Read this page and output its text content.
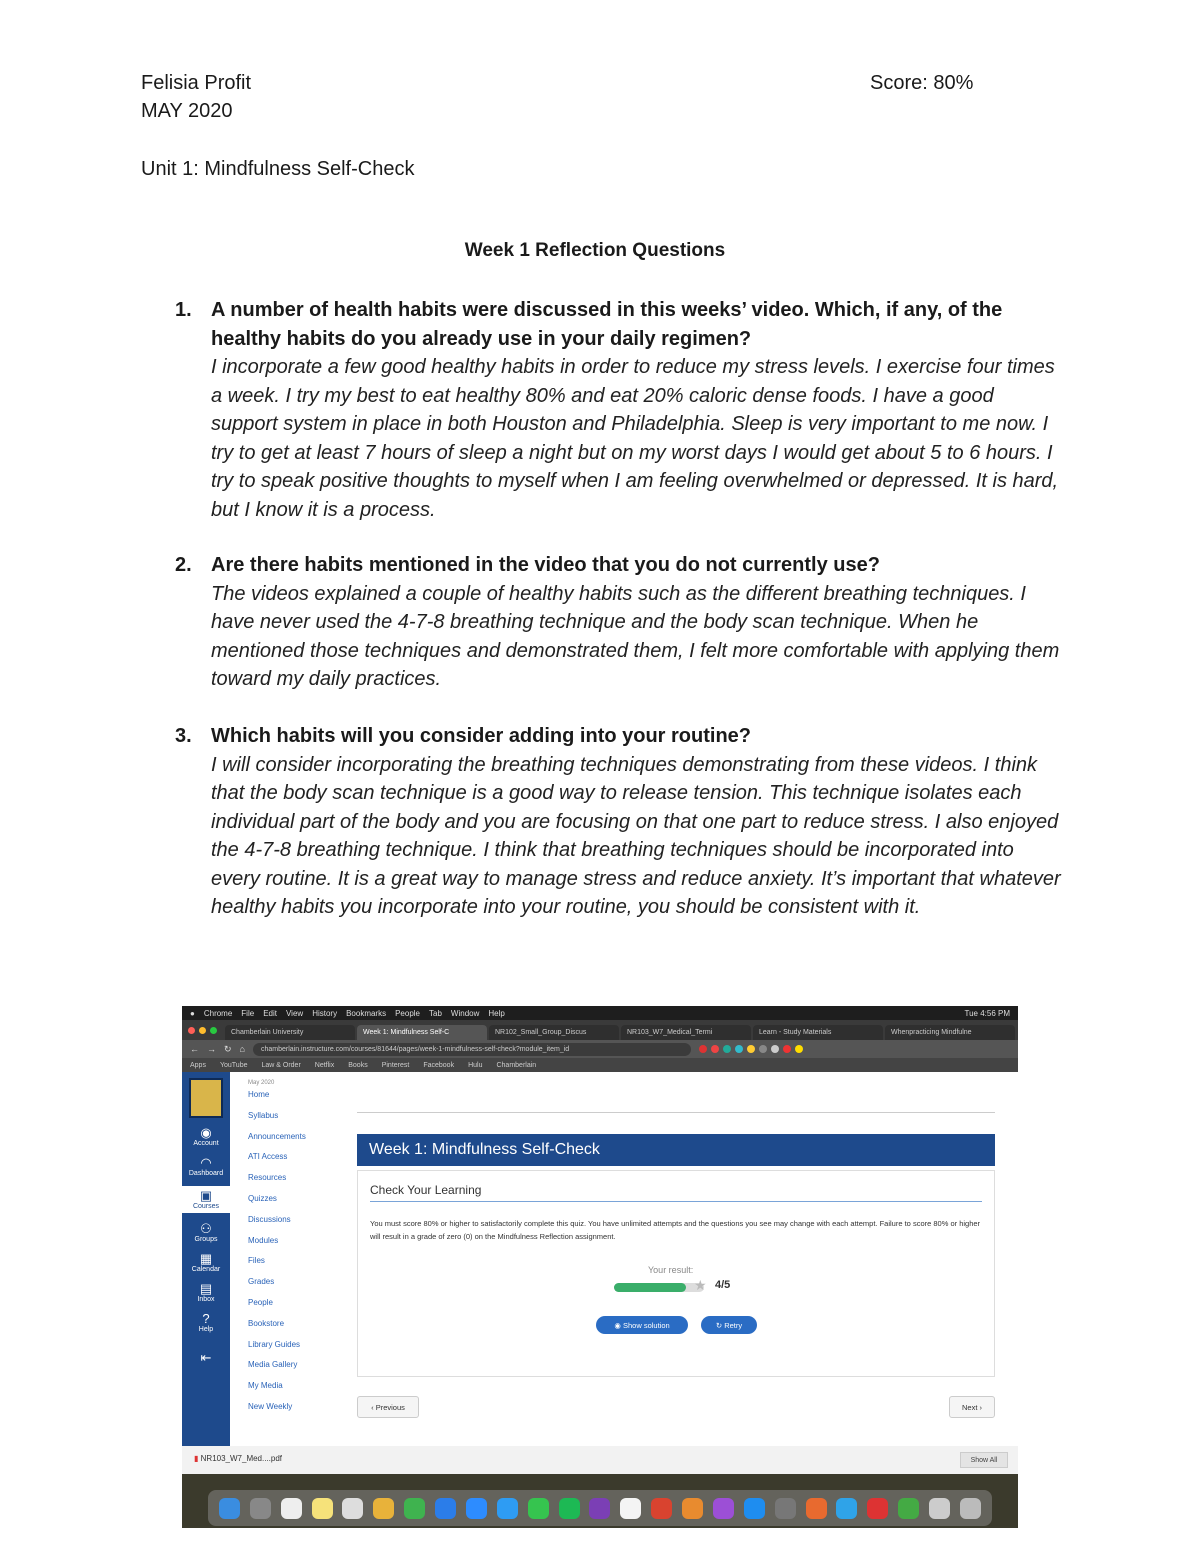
Felisia Profit
MAY 2020
Score: 80%
Unit 1: Mindfulness Self-Check
Week 1 Reflection Questions
1. A number of health habits were discussed in this weeks’ video. Which, if any, of the healthy habits do you already use in your daily regimen?
I incorporate a few good healthy habits in order to reduce my stress levels. I exercise four times a week. I try my best to eat healthy 80% and eat 20% caloric dense foods. I have a good support system in place in both Houston and Philadelphia. Sleep is very important to me now. I try to get at least 7 hours of sleep a night but on my worst days I would get about 5 to 6 hours. I try to speak positive thoughts to myself when I am feeling overwhelmed or depressed. It is hard, but I know it is a process.
2. Are there habits mentioned in the video that you do not currently use?
The videos explained a couple of healthy habits such as the different breathing techniques. I have never used the 4-7-8 breathing technique and the body scan technique. When he mentioned those techniques and demonstrated them, I felt more comfortable with applying them toward my daily practices.
3. Which habits will you consider adding into your routine?
I will consider incorporating the breathing techniques demonstrating from these videos. I think that the body scan technique is a good way to release tension. This technique isolates each individual part of the body and you are focusing on that one part to reduce stress. I also enjoyed the 4-7-8 breathing technique. I think that breathing techniques should be incorporated into every routine. It is a great way to manage stress and reduce anxiety. It’s important that whatever healthy habits you incorporate into your routine, you should be consistent with it.
● Chrome File Edit View History Bookmarks People Tab Window Help	Tue 4:56 PM
Chamberlain University	Week 1: Mindfulness Self-C	NR102_Small_Group_Discus	NR103_W7_Medical_Termi	Learn - Study Materials	Whenpracticing Mindfulne
← → ↻ ⌂	chamberlain.instructure.com/courses/81644/pages/week-1-mindfulness-self-check?module_item_id
Apps YouTube Law & Order Netflix Books Pinterest Facebook Hulu Chamberlain
◉
Account
◠
Dashboard
▣
Courses
⚇
Groups
▦
Calendar
▤
Inbox
?
Help
⇤
May 2020
Home
Syllabus
Announcements
ATI Access
Resources
Quizzes
Discussions
Modules
Files
Grades
People
Bookstore
Library Guides
Media Gallery
My Media
New Weekly
Week 1: Mindfulness Self-Check
Check Your Learning
You must score 80% or higher to satisfactorily complete this quiz. You have unlimited attempts and the questions you see may change with each attempt. Failure to score 80% or higher will result in a grade of zero (0) on the Mindfulness Reflection assignment.
Your result:
★ 4/5
◉ Show solution	↻ Retry
‹ Previous	Next ›
▮ NR103_W7_Med....pdf	Show All
